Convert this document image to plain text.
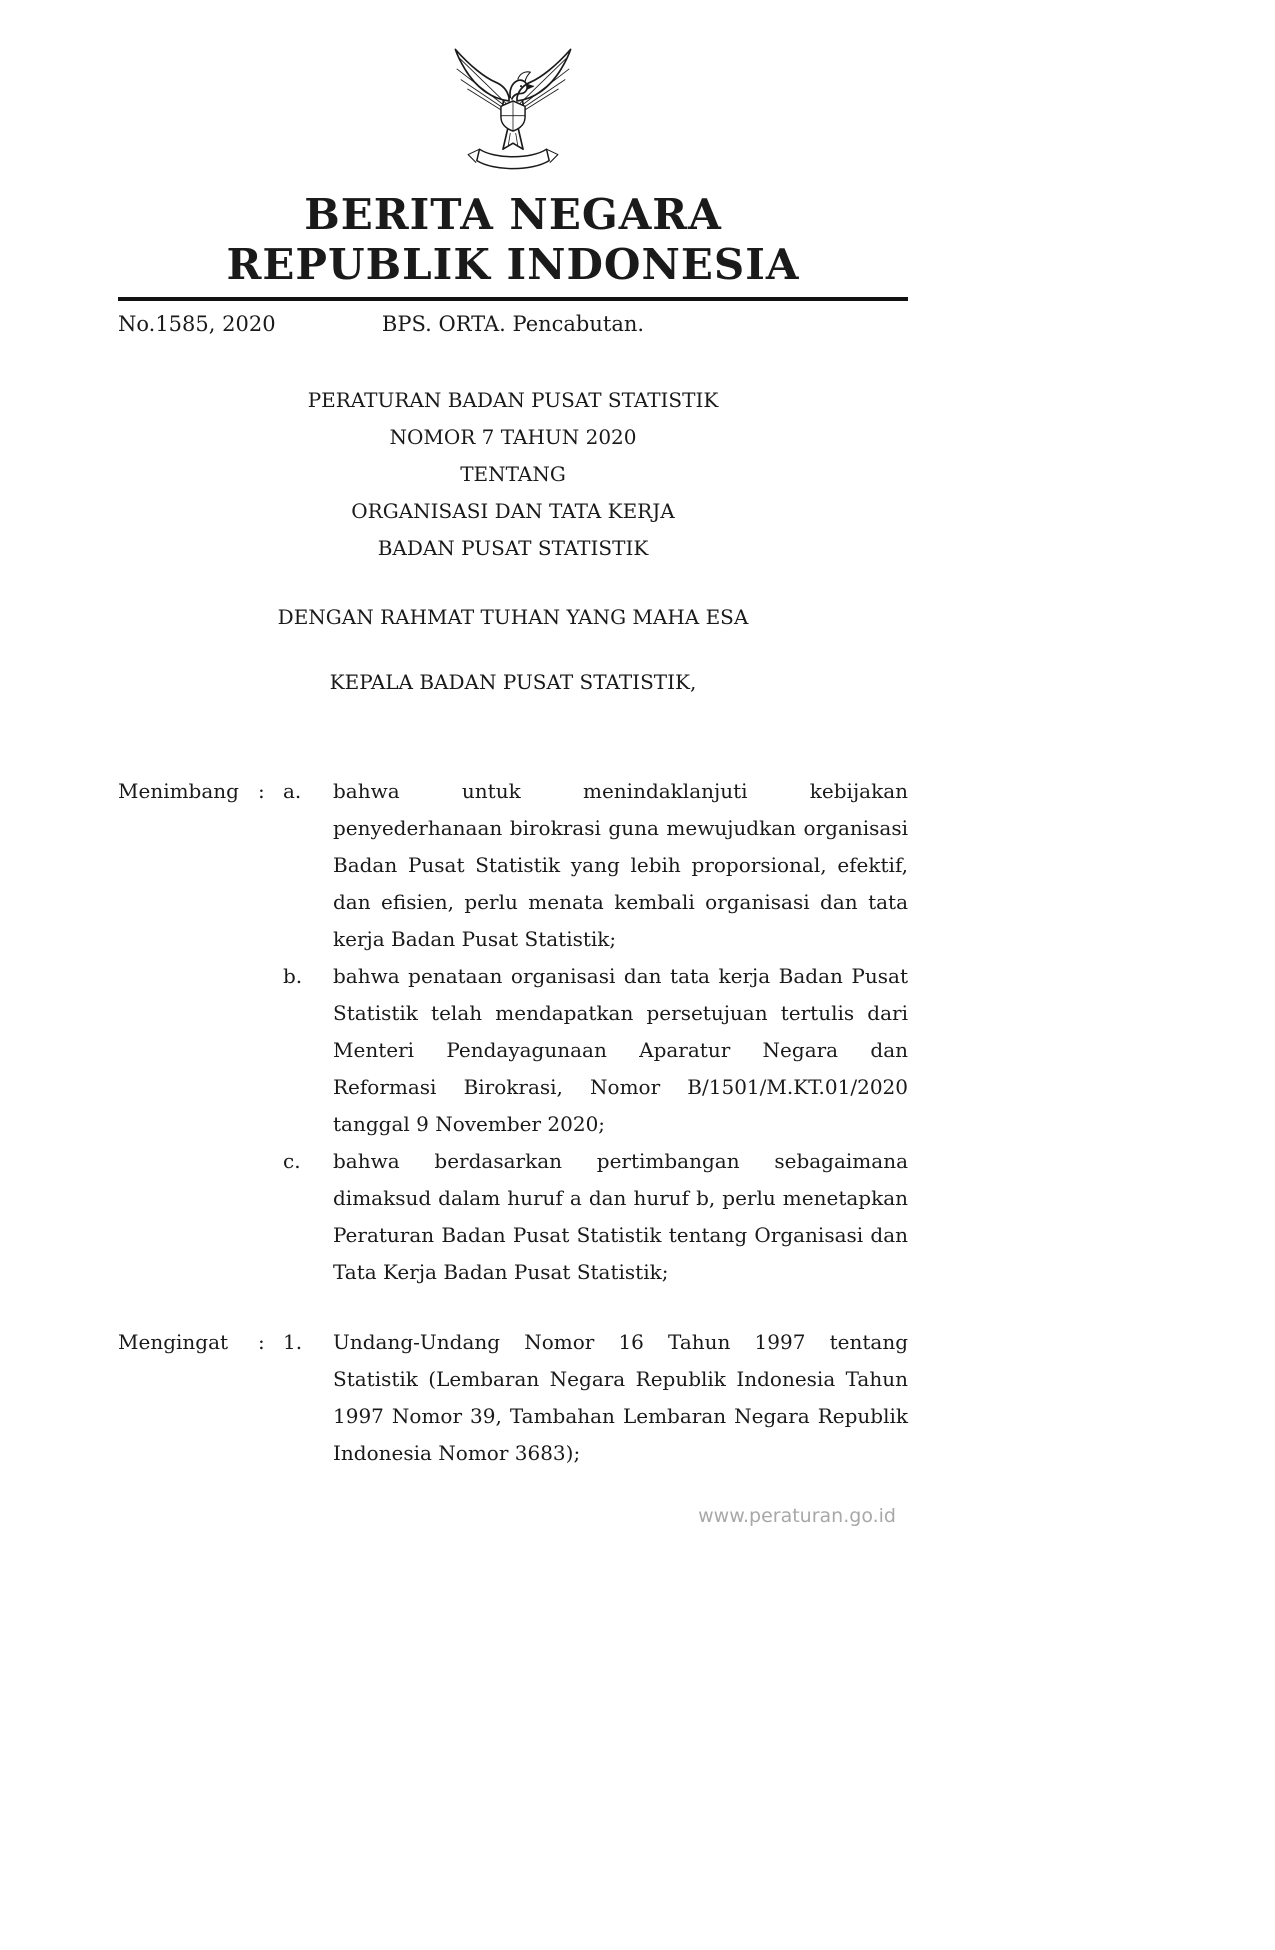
BERITA NEGARA
REPUBLIK INDONESIA
No.1585, 2020	BPS. ORTA. Pencabutan.
PERATURAN BADAN PUSAT STATISTIK
NOMOR 7 TAHUN 2020
TENTANG
ORGANISASI DAN TATA KERJA
BADAN PUSAT STATISTIK
DENGAN RAHMAT TUHAN YANG MAHA ESA
KEPALA BADAN PUSAT STATISTIK,
Menimbang : a.	bahwa untuk menindaklanjuti kebijakan penyederhanaan birokrasi guna mewujudkan organisasi Badan Pusat Statistik yang lebih proporsional, efektif, dan efisien, perlu menata kembali organisasi dan tata kerja Badan Pusat Statistik;
b.	bahwa penataan organisasi dan tata kerja Badan Pusat Statistik telah mendapatkan persetujuan tertulis dari Menteri Pendayagunaan Aparatur Negara dan Reformasi Birokrasi, Nomor B/1501/M.KT.01/2020 tanggal 9 November 2020;
c.	bahwa berdasarkan pertimbangan sebagaimana dimaksud dalam huruf a dan huruf b, perlu menetapkan Peraturan Badan Pusat Statistik tentang Organisasi dan Tata Kerja Badan Pusat Statistik;
Mengingat	: 1.	Undang-Undang Nomor 16 Tahun 1997 tentang Statistik (Lembaran Negara Republik Indonesia Tahun 1997 Nomor 39, Tambahan Lembaran Negara Republik Indonesia Nomor 3683);
www.peraturan.go.id
